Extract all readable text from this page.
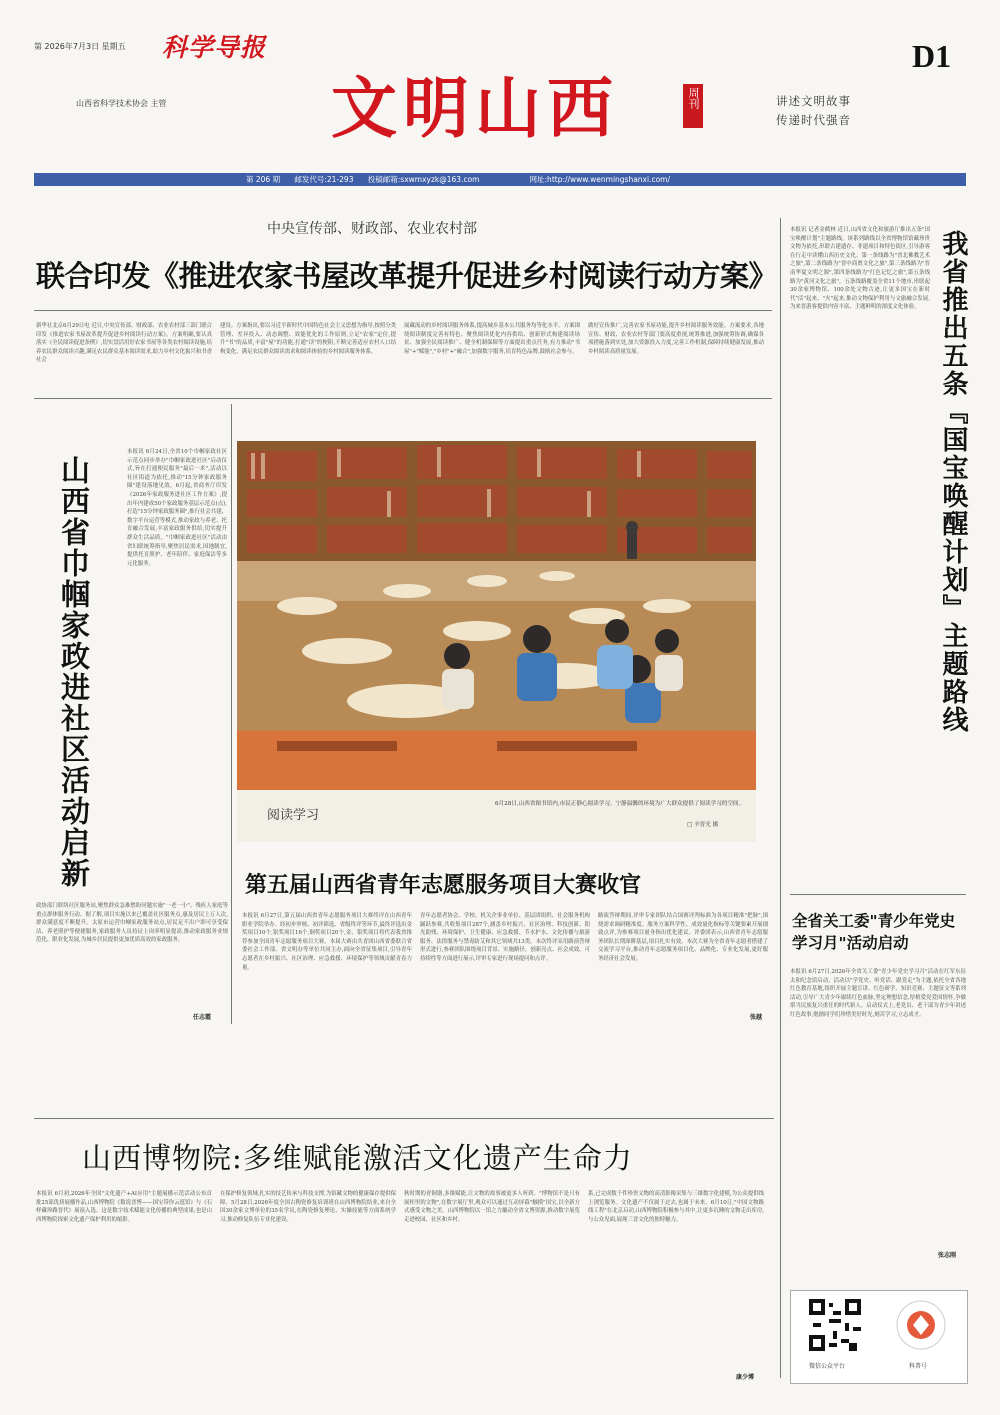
第 2026年7月3日 星期五 科学导报
山西省科学技术协会 主管 文明山西	周刊	讲述文明故事
传递时代强音
D1
第 206 期      邮发代号:21-293      投稿邮箱:sxwmxyzk@163.com                     网址:http://www.wenmingshanxi.com/
中央宣传部、财政部、农业农村部
联合印发《推进农家书屋改革提升促进乡村阅读行动方案》
新华社北京6月29日电 近日,中央宣传部、财政部、农业农村部三部门联合印发《推进农家书屋改革提升促进乡村阅读行动方案》。方案明确,要认真落实《全民阅读促进条例》,切实盘活用好农家书屋等各类农村阅读设施,培养农民群众阅读兴趣,满足农民群众基本阅读需求,助力乡村文化振兴和书香社会
建设。方案指出,要以习近平新时代中国特色社会主义思想为指导,按照分类管理、差异投入、动态调整、效能优化的工作原则,立足"农家"定位,提升"书"的品质,丰富"屋"的功能,打通"读"的梗阻,不断完善适应农村人口结构变化、满足农民群众阅读需求和阅读体验的乡村阅读服务体系。
展藏流动的乡村阅读服务体系,提高城乡基本公共服务均等化水平。方案围绕阅读制度完善有特色、聚焦阅读优化内容供给、创新形式构建阅读场景、加强全民阅读推广、健全机制保障等方面提出重点任务,有力推动"书屋"+"赋能","乡村"+"融合",加强数字服务,培育特色品牌,鼓励社会参与。
做好宣传推广,完善农家书屋功能,提升乡村阅读服务效能。方案要求,各地宣传、财政、农业农村等部门要高度重视,统筹推进,加强统筹协调,确保各项措施落到实处,加大资源投入力度,完善工作机制,保障持续健康发展,推动乡村阅读高质量发展。
山西省巾帼家政进社区活动启新
本报讯 6月24日,全省10个巾帼家政社区示范点同步举办"巾帼家政进社区"启动仪式,旨在打通便民服务"最后一米",活动以社区街道为依托,推动"15分钟家政服务圈"建设落地见效。6月起,省商务厅印发《2026年家政服务进社区工作方案》,提出年内建成50个家政服务基层示范点(点),打造"15分钟家政服务圈",推行社会共建、数字平台运营等模式,推动家政与养老、托育融合发展,丰富家政服务供给,切实提升群众生活品质。"巾帼家政进社区"活动由省妇联统筹指导,聚焦居民需求,因地制宜,提供托育照护、老年陪伴、家庭保洁等多元化服务。
政协部门联络社区服务站,聚焦群众急难愁盼问题实施"一老一小"、残疾人家庭等重点群体服务行动。据了解,项目实施以来已覆盖社区服务点,惠及居民上万人次,群众满意度不断提升。太原市运营巾帼家政服务站点,居民足不出户即可享受保洁、养老照护等便捷服务,家政服务人员持证上岗率明显提高,推动家政服务业规范化、职业化发展,为城乡居民提供更加优质高效的家政服务。
任志霞
阅读学习
6月28日,山西省图书馆内,市民正静心阅读学习。宁静温馨的环境为广大群众提供了阅读学习的空间。
□ 辛晋光 摄
第五届山西省青年志愿服务项目大赛收官
本报讯 6月27日,第五届山西省青年志愿服务项目大赛终评在山西青年职业学院举办。经初步审核、初评筛选、省级终评等环节,最终评选出金奖项目10个,银奖项目16个,铜奖项目20个,金、银奖项目将代表我省推荐参加全国青年志愿服务项目大赛。本届大赛由共青团山西省委联合省委社会工作部、省文明办等单位共同主办,面向全省征集项目,引导青年志愿者在乡村振兴、社区治理、应急救援、环境保护等领域贡献青春力量。
青年志愿者协会、学校、机关企事业单位、基层团组织、社会服务机构踊跃参赛,共收集项目287个,涵盖乡村振兴、社区治理、科技创新、阳光助残、环境保护、卫生健康、应急救援、节水护水、文化传播与旅游服务、法律服务与禁毒防艾和其它领域共13类。本次终评采用路演答辩形式进行,参赛团队围绕项目背景、实施路径、创新亮点、社会成效、可持续性等方面进行展示,评审专家进行现场提问和点评。
路演答辩期间,评审专家团队结合国赛评判标准为各项目精准"把脉",围绕需求调研精准度、服务方案科学性、成效量化指标等关键要素开展细致点评,为参赛项目量身指出优化建议。评委团表示,山西省青年志愿服务团队长期深耕基层,项目扎实有效。本次大赛为全省青年志愿者搭建了交流学习平台,推动青年志愿服务项目化、品牌化、专业化发展,更好服务经济社会发展。
张越
本报讯 记者金鹤林 近日,山西省文化和旅游厅推出五条"国宝唤醒计划"主题路线。该系列路线以全省博物馆馆藏珍贵文物为依托,串联古建遗存、非遗项目和特色街区,引导游客在行走中读懂山西历史文化。第一条线路为"晋北佛教艺术之旅",第二条线路为"晋中商贾文化之旅",第三条线路为"晋南华夏文明之源",第四条线路为"红色记忆之旅",第五条线路为"黄河文化之旅"。五条线路覆盖全省11个地市,串联起30余家博物馆、100余处文物古迹,让更多国宝在新时代"活"起来、"火"起来,推动文物保护利用与文旅融合发展,为来晋游客提供内容丰富、主题鲜明的深度文化体验。 我省推出五条『国宝唤醒计划』主题路线
全省关工委"青少年党史学习月"活动启动
本报讯 6月27日,2026年全省关工委"青少年党史学习月"活动在红军东征太和纪念馆启动。活动以"学党史、听党话、跟党走"为主题,依托全省各地红色教育基地,组织开展主题宣讲、红色研学、知识竞赛、主题征文等系列活动,引导广大青少年赓续红色血脉,坚定理想信念,厚植爱党爱国情怀,争做堪当民族复兴重任的时代新人。启动仪式上,老党员、老干部为青少年讲述红色故事,勉励同学们珍惜美好时光,刻苦学习,立志成才。
张志刚
微信公众平台	科普号
山西博物院:多维赋能激活文化遗产生命力
本报讯 6月初,2026年全国"文化遗产+AI应用"主题展播示范活动公布首批25部优质展播作品,山西博物院《数说晋博——国宝带你云逛馆》与《石样藏珍路晋代》展演入选。这是数字技术赋能文化传播的典型成果,也是山西博物院探索文化遗产保护利用的缩影。
在保护修复领域,扎实的技艺传承与科技支撑,为馆藏文物的健康保存提供保障。5月28日,2026年度全国古陶瓷修复培训班在山西博物院结业,来自全国30余家文博单位的35名学员,在陶瓷修复理论、实操技能等方面系统学习,推动修复队伍专业化建设。
秋时期的青铜器,多维赋能,让文物的故事被更多人听到。"博物馆不是只有展柜里的文物",在数字展厅里,观众可以通过互动屏幕"触摸"国宝,以全新方式感受文物之美。山西博物院以一馆之力撬动全省文博资源,推动数字展览走进校园、社区和乡村。
系,已完成数千件珍贵文物的高清影像采集与三维数字化建模,为公众提供线上浏览服务。文化遗产不仅属于过去,也属于未来。6月10日,"中国文物路线工程"在北京启动,山西博物院积极参与其中,让更多沉睡的文物走出库房,与公众见面,展现三晋文化的独特魅力。
康少博
